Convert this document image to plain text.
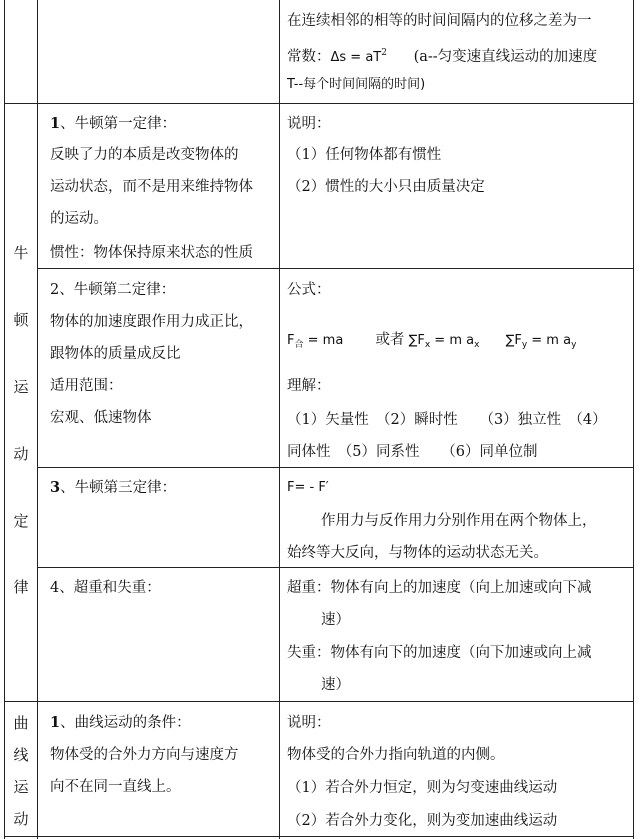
在连续相邻的相等的时间间隔内的位移之差为一
常数：$\Delta s = aT^2$ (a--匀变速直线运动的加速度
T--每个时间间隔的时间)
牛
顿
运
动
定
律
1、牛顿第一定律：
反映了力的本质是改变物体的
运动状态，而不是用来维持物体
的运动。
惯性：物体保持原来状态的性质
说明：
（1）任何物体都有惯性
（2）惯性的大小只由质量决定
2、牛顿第二定律：
物体的加速度跟作用力成正比，
跟物体的质量成反比
适用范围：
宏观、低速物体
公式：
$F_合$ = ma 或者 $\sum F_x = m$ $a_x$ $\sum F_y = m$ $a_y$
理解：
（1）矢量性　（2）瞬时性　　（3）独立性　（4）
同体性　（5）同系性　　（6）同单位制
3、牛顿第三定律：	F= - F′
作用力与反作用力分别作用在两个物体上，
始终等大反向，与物体的运动状态无关。
4、超重和失重：	超重：物体有向上的加速度（向上加速或向下减
速）
失重：物体有向下的加速度（向下加速或向上减
速）
曲
线
运
动
1、曲线运动的条件：
物体受的合外力方向与速度方
向不在同一直线上。
说明：
物体受的合外力指向轨道的内侧。
（1）若合外力恒定，则为匀变速曲线运动
（2）若合外力变化，则为变加速曲线运动
